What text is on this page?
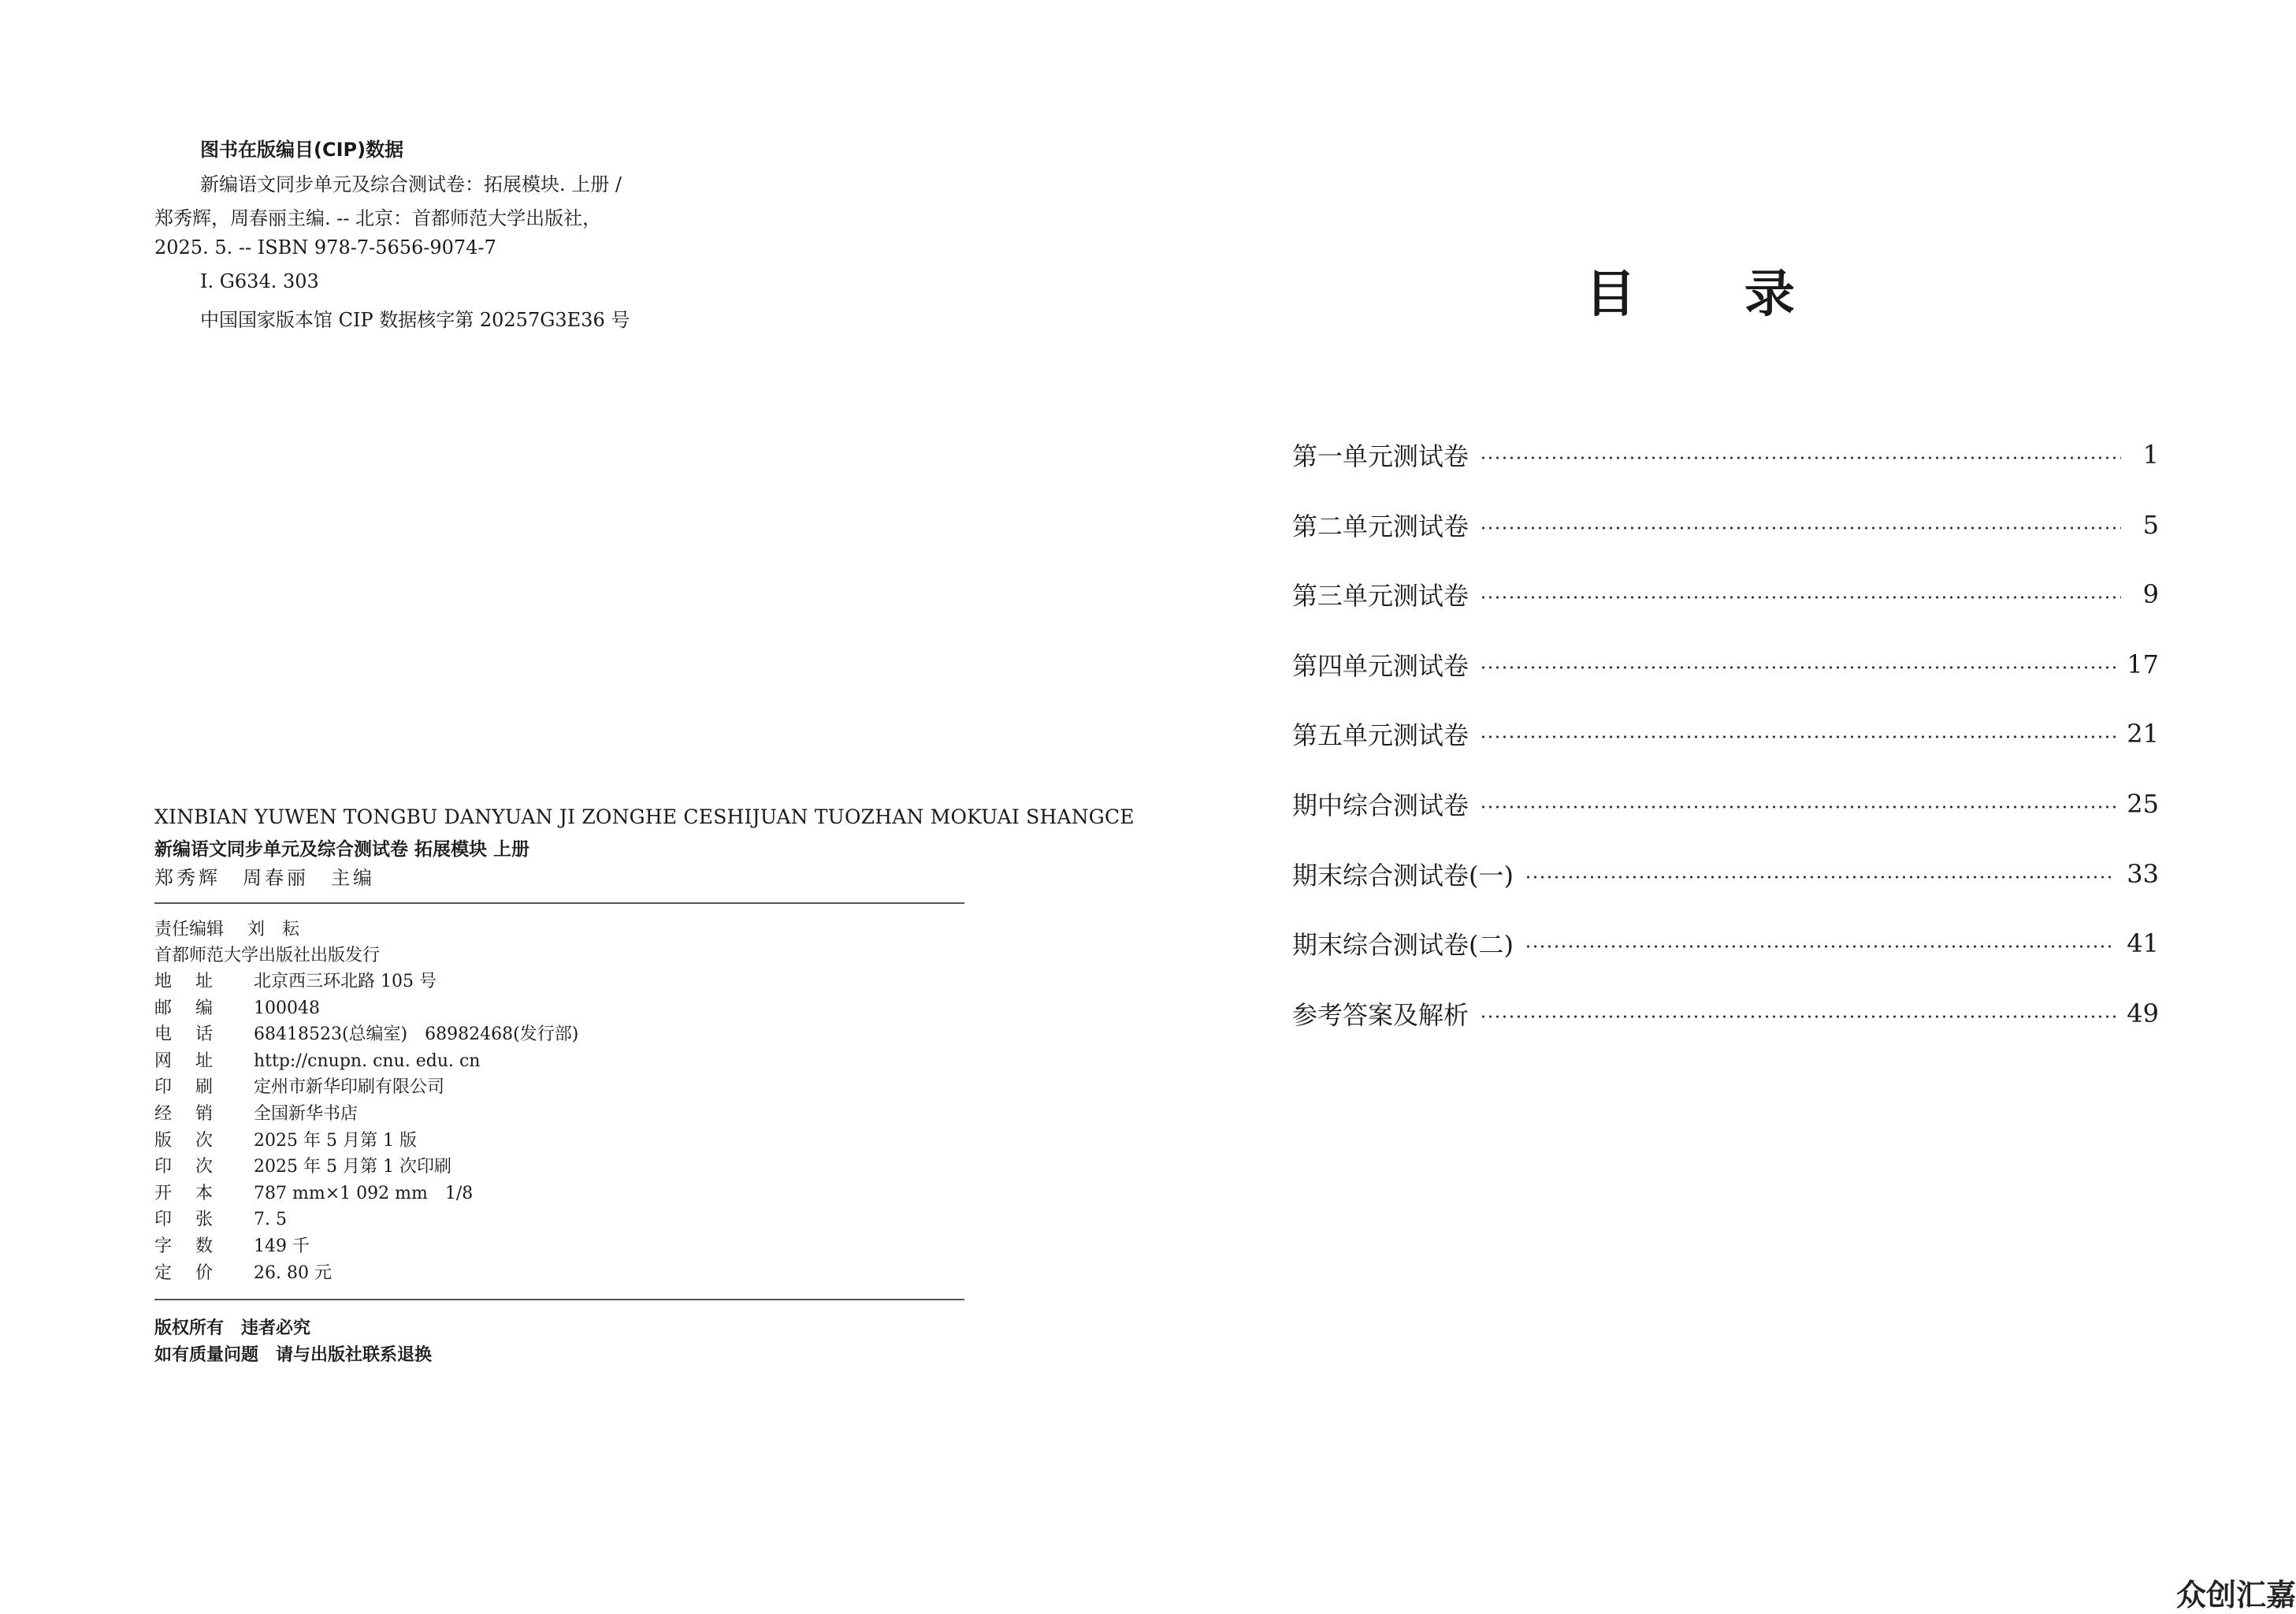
图书在版编目(CIP)数据
新编语文同步单元及综合测试卷：拓展模块. 上册 /
郑秀辉，周春丽主编. -- 北京：首都师范大学出版社，
2025. 5. -- ISBN 978-7-5656-9074-7
Ⅰ. G634. 303
中国国家版本馆 CIP 数据核字第 20257G3E36 号
XINBIAN YUWEN TONGBU DANYUAN JI ZONGHE CESHIJUAN TUOZHAN MOKUAI SHANGCE
新编语文同步单元及综合测试卷 拓展模块 上册
郑秀辉　周春丽　主编
责任编辑 刘　耘
首都师范大学出版社出版发行
地 址 北京西三环北路 105 号
邮 编 100048
电 话 68418523(总编室)　68982468(发行部)
网 址 http://cnupn. cnu. edu. cn
印 刷 定州市新华印刷有限公司
经 销 全国新华书店
版 次 2025 年 5 月第 1 版
印 次 2025 年 5 月第 1 次印刷
开 本 787 mm×1 092 mm　1/8
印 张 7. 5
字 数 149 千
定 价 26. 80 元
版权所有　违者必究
如有质量问题　请与出版社联系退换
目 录
第一单元测试卷	1
第二单元测试卷	5
第三单元测试卷	9
第四单元测试卷	17
第五单元测试卷	21
期中综合测试卷	25
期末综合测试卷(一)	33
期末综合测试卷(二)	41
参考答案及解析	49
众创汇嘉
